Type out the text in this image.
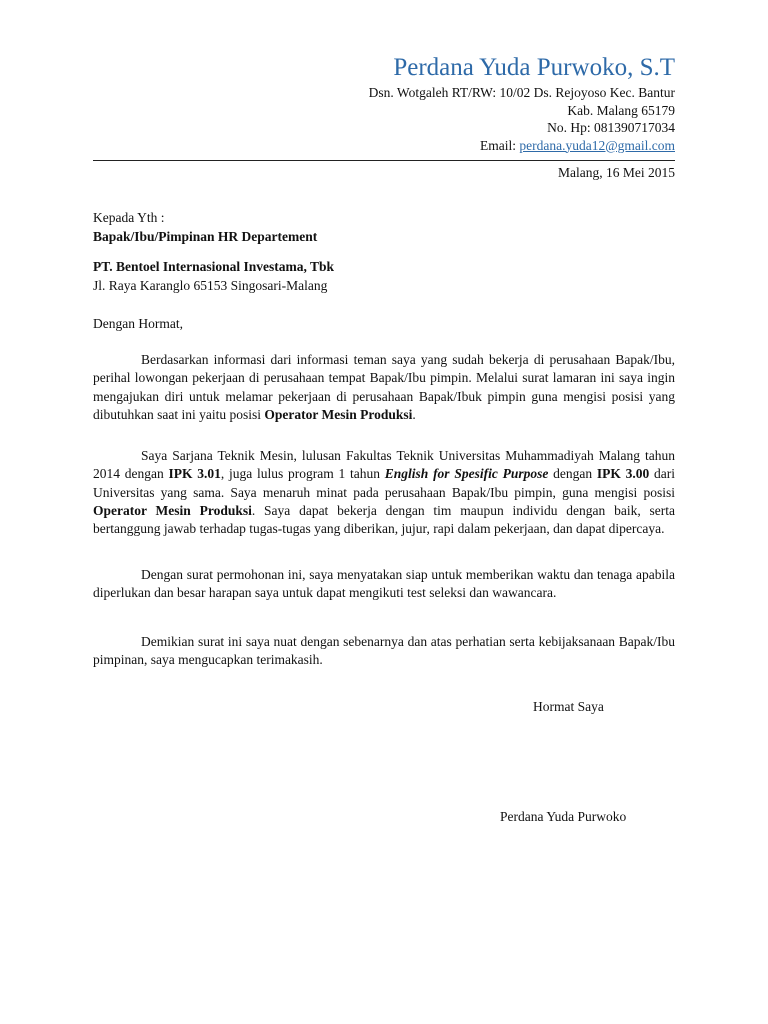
Perdana Yuda Purwoko, S.T
Dsn. Wotgaleh RT/RW: 10/02 Ds. Rejoyoso Kec. Bantur
Kab. Malang 65179
No. Hp: 081390717034
Email: perdana.yuda12@gmail.com
Malang, 16 Mei 2015
Kepada Yth :
Bapak/Ibu/Pimpinan HR Departement
PT. Bentoel Internasional Investama, Tbk
Jl. Raya Karanglo 65153 Singosari-Malang
Dengan Hormat,
Berdasarkan informasi dari informasi teman saya yang sudah bekerja di perusahaan Bapak/Ibu, perihal lowongan pekerjaan di perusahaan tempat Bapak/Ibu pimpin. Melalui surat lamaran ini saya ingin mengajukan diri untuk melamar pekerjaan di perusahaan Bapak/Ibuk pimpin guna mengisi posisi yang dibutuhkan saat ini yaitu posisi Operator Mesin Produksi.
Saya Sarjana Teknik Mesin, lulusan Fakultas Teknik Universitas Muhammadiyah Malang tahun 2014 dengan IPK 3.01, juga lulus program 1 tahun English for Spesific Purpose dengan IPK 3.00 dari Universitas yang sama. Saya menaruh minat pada perusahaan Bapak/Ibu pimpin, guna mengisi posisi Operator Mesin Produksi. Saya dapat bekerja dengan tim maupun individu dengan baik, serta bertanggung jawab terhadap tugas-tugas yang diberikan, jujur, rapi dalam pekerjaan, dan dapat dipercaya.
Dengan surat permohonan ini, saya menyatakan siap untuk memberikan waktu dan tenaga apabila diperlukan dan besar harapan saya untuk dapat mengikuti test seleksi dan wawancara.
Demikian surat ini saya nuat dengan sebenarnya dan atas perhatian serta kebijaksanaan Bapak/Ibu pimpinan, saya mengucapkan terimakasih.
Hormat Saya
Perdana Yuda Purwoko
